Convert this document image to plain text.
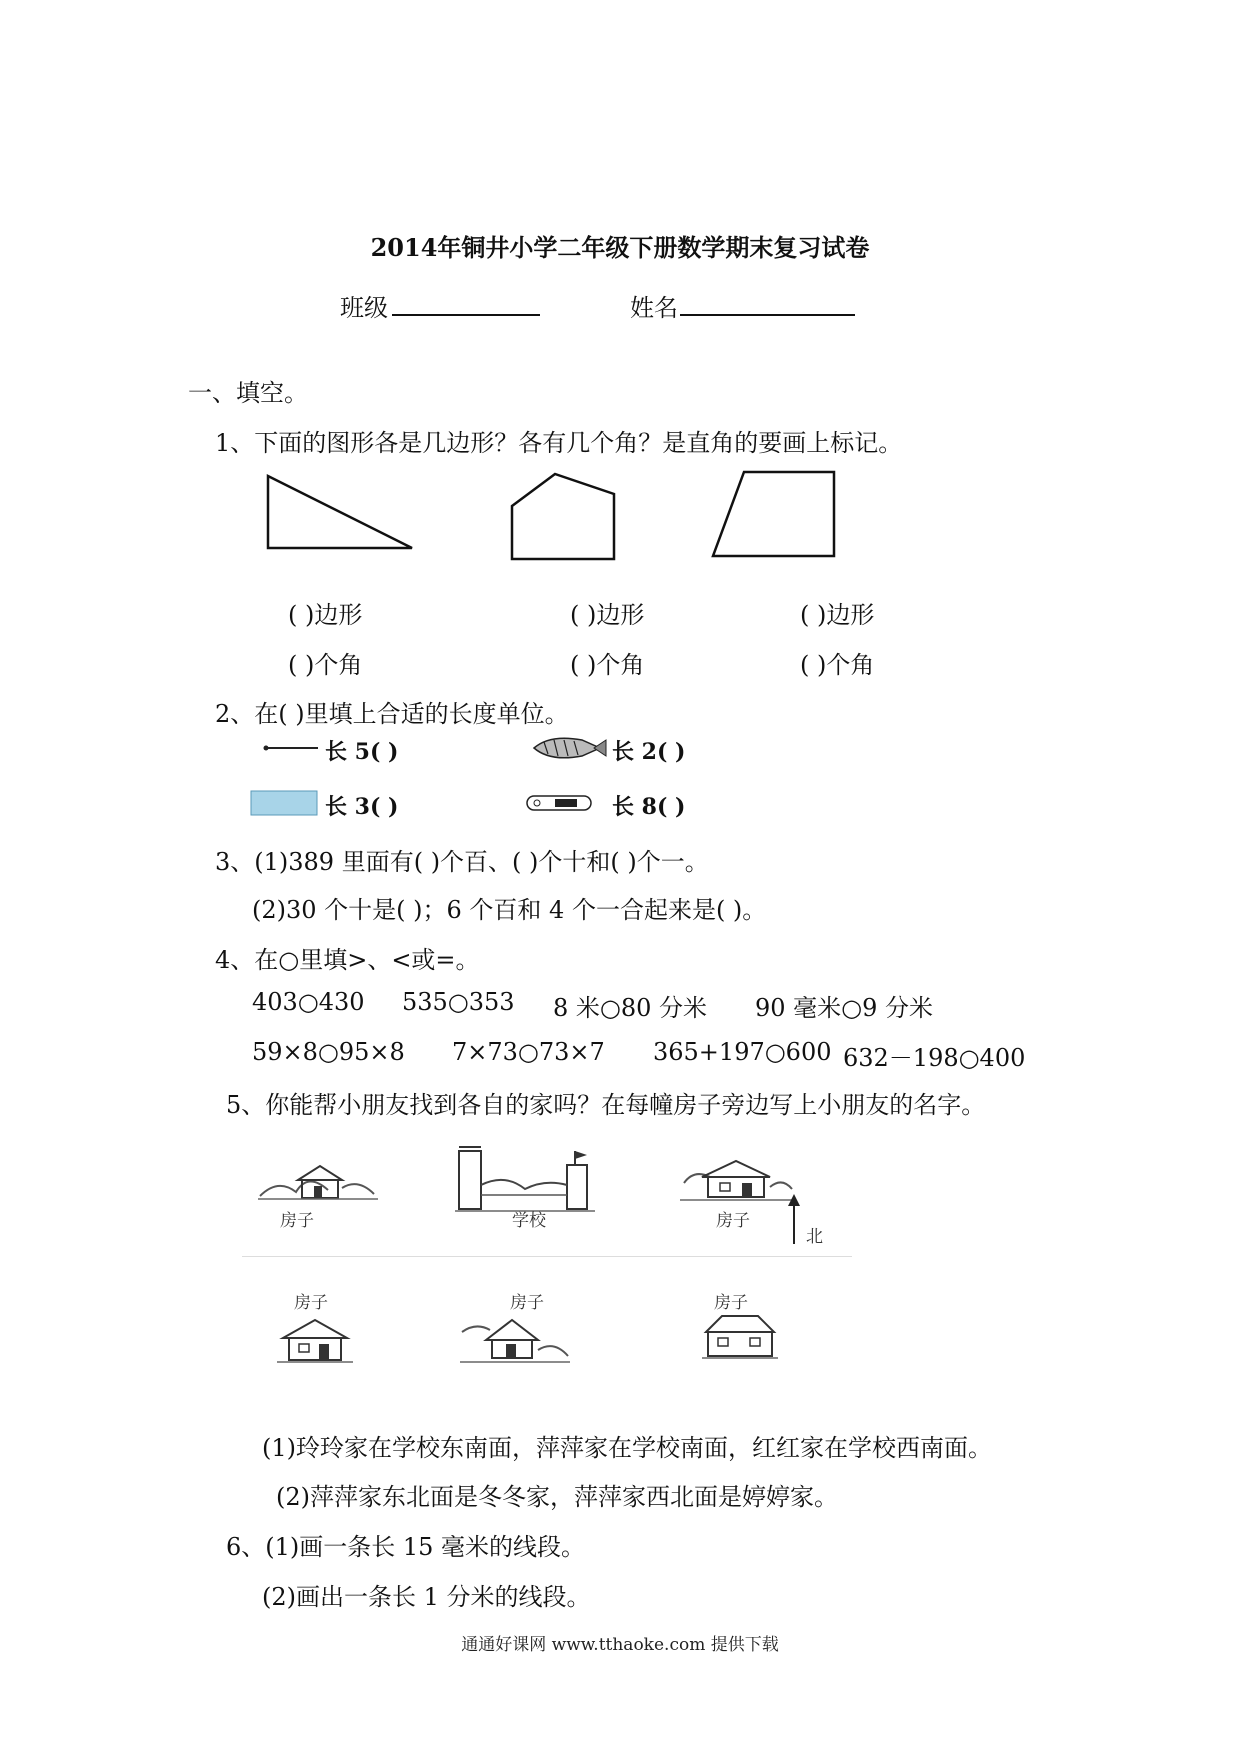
2014年铜井小学二年级下册数学期末复习试卷
班级	姓名
一、填空。
1、下面的图形各是几边形？各有几个角？是直角的要画上标记。
( )边形	( )边形	( )边形
( )个角	( )个角	( )个角
2、在( )里填上合适的长度单位。
长 5( )	长 2( )
长 3( )	长 8( )
3、(1)389 里面有( )个百、( )个十和( )个一。
(2)30 个十是( )；6 个百和 4 个一合起来是( )。
4、在○里填>、<或=。
403○430 535○353 8 米○80 分米 90 毫米○9 分米
59×8○95×8 7×73○73×7 365+197○600 632－198○400
5、你能帮小朋友找到各自的家吗？在每幢房子旁边写上小朋友的名字。
房子	学校	房子
北
房子	房子	房子
(1)玲玲家在学校东南面，萍萍家在学校南面，红红家在学校西南面。
(2)萍萍家东北面是冬冬家，萍萍家西北面是婷婷家。
6、(1)画一条长 15 毫米的线段。
(2)画出一条长 1 分米的线段。
通通好课网 www.tthaoke.com 提供下载
